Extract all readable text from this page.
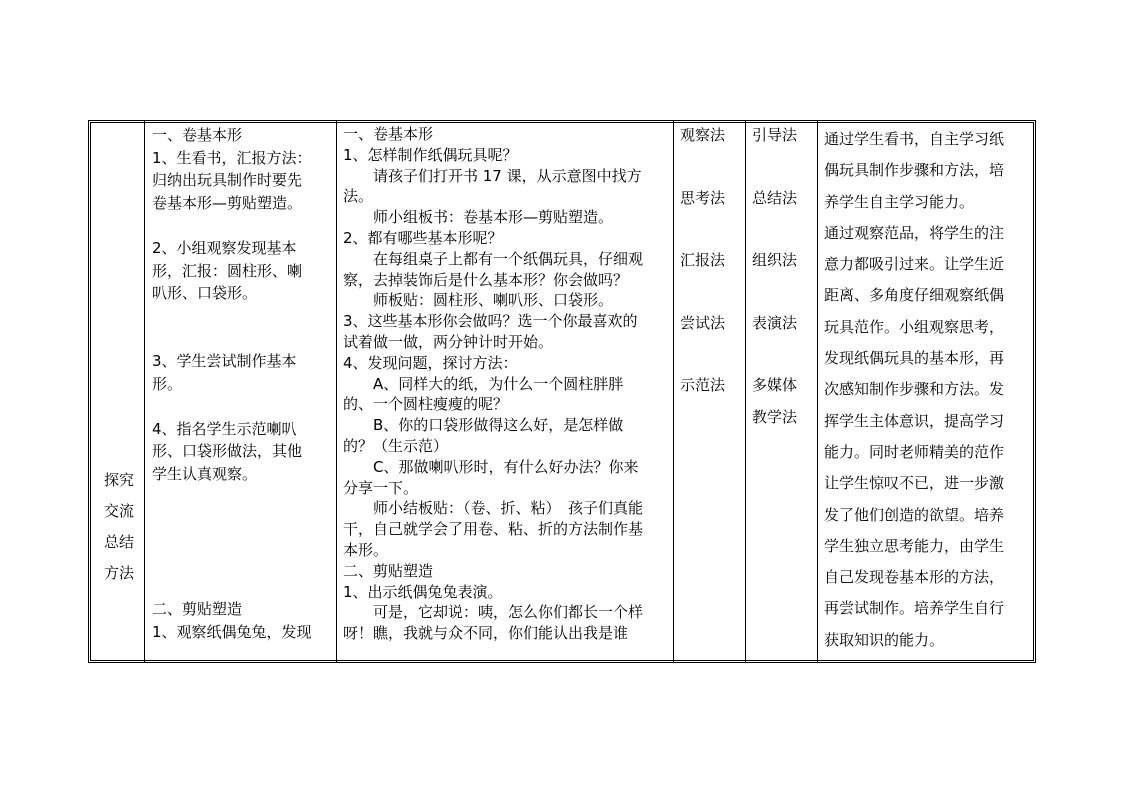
探究
交流
总结
方法

一、卷基本形

1、生看书，汇报方法：

归纳出玩具制作时要先

卷基本形—剪贴塑造。

2、小组观察发现基本

形，汇报：圆柱形、喇

叭形、口袋形。

3、学生尝试制作基本

形。

4、指名学生示范喇叭

形、口袋形做法，其他

学生认真观察。

二、剪贴塑造

1、观察纸偶兔兔，发现

一、卷基本形

1、怎样制作纸偶玩具呢？

　　请孩子们打开书 17 课，从示意图中找方

法。

　　师小组板书：卷基本形—剪贴塑造。

2、都有哪些基本形呢？

　　在每组桌子上都有一个纸偶玩具，仔细观

察，去掉装饰后是什么基本形？你会做吗？

　　师板贴：圆柱形、喇叭形、口袋形。

3、这些基本形你会做吗？选一个你最喜欢的

试着做一做，两分钟计时开始。

4、发现问题，探讨方法：

　　A、同样大的纸，为什么一个圆柱胖胖

的、一个圆柱瘦瘦的呢？

　　B、你的口袋形做得这么好，是怎样做

的？（生示范）

　　C、那做喇叭形时，有什么好办法？你来

分享一下。

　　师小结板贴：（卷、折、粘）　孩子们真能

干，自己就学会了用卷、粘、折的方法制作基

本形。

二、剪贴塑造

1、出示纸偶兔兔表演。

　　可是，它却说：咦，怎么你们都长一个样

呀！瞧，我就与众不同，你们能认出我是谁

观察法

思考法

汇报法

尝试法

示范法

引导法

总结法

组织法

表演法

多媒体
教学法

通过学生看书，自主学习纸

偶玩具制作步骤和方法，培

养学生自主学习能力。

通过观察范品，将学生的注

意力都吸引过来。让学生近

距离、多角度仔细观察纸偶

玩具范作。小组观察思考，

发现纸偶玩具的基本形，再

次感知制作步骤和方法。发

挥学生主体意识，提高学习

能力。同时老师精美的范作

让学生惊叹不已，进一步激

发了他们创造的欲望。培养

学生独立思考能力，由学生

自己发现卷基本形的方法，

再尝试制作。培养学生自行

获取知识的能力。
